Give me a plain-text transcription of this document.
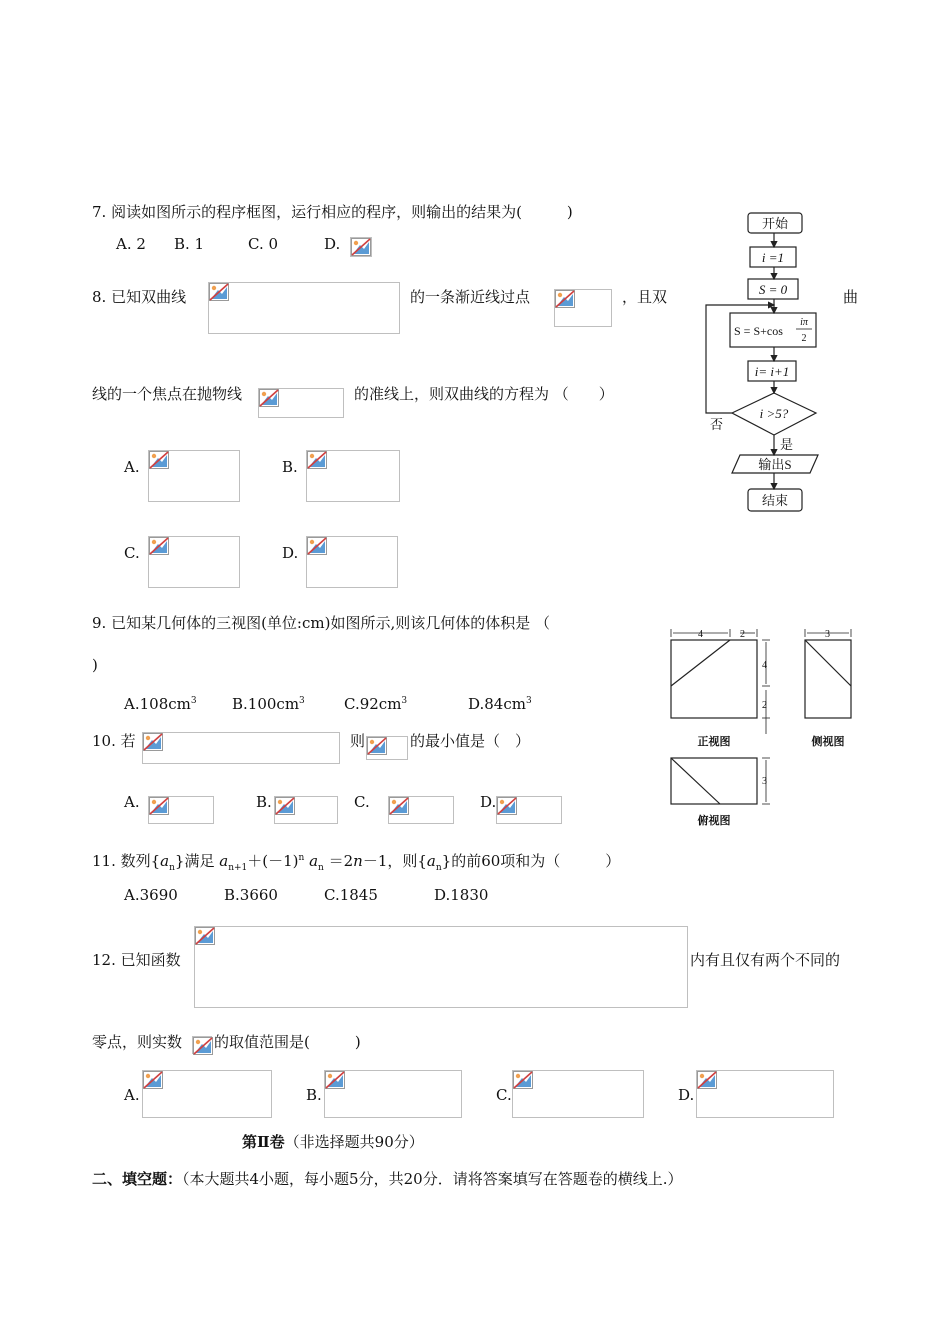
7. 阅读如图所示的程序框图，运行相应的程序，则输出的结果为(　　　)
A. 2 B. 1	C. 0	D.
8. 已知双曲线	的一条渐近线过点	，且双	曲
线的一个焦点在抛物线	的准线上，则双曲线的方程为 （　　）
A.	B.
C.	D.
开始
i =1
S = 0
S = S+cos
iπ
2
i= i+1
i >5?
否
是
输出S
结束
9. 已知某几何体的三视图(单位:cm)如图所示,则该几何体的体积是 （
)
$A.108cm^3$ $B.100cm^3$	$C.92cm^3$	$D.84cm^3$
4	2
4
2
3
3
正视图	侧视图
俯视图
10. 若	则	的最小值是（　）
A.	B.	C.	D.
11. 数列$\{a_n\}$满足 $a_{n+1}+(-1)^n$ $a_n =2n-1$，则$\{a_n\}$的前60项和为（　　　）
A.3690	B.3660	C.1845	D.1830
12. 已知函数	内有且仅有两个不同的
零点，则实数 的取值范围是(　　　)
A.	B.	C.	D.
第Ⅱ卷（非选择题共90分）
二、填空题：（本大题共4小题，每小题5分，共20分．请将答案填写在答题卷的横线上.）
